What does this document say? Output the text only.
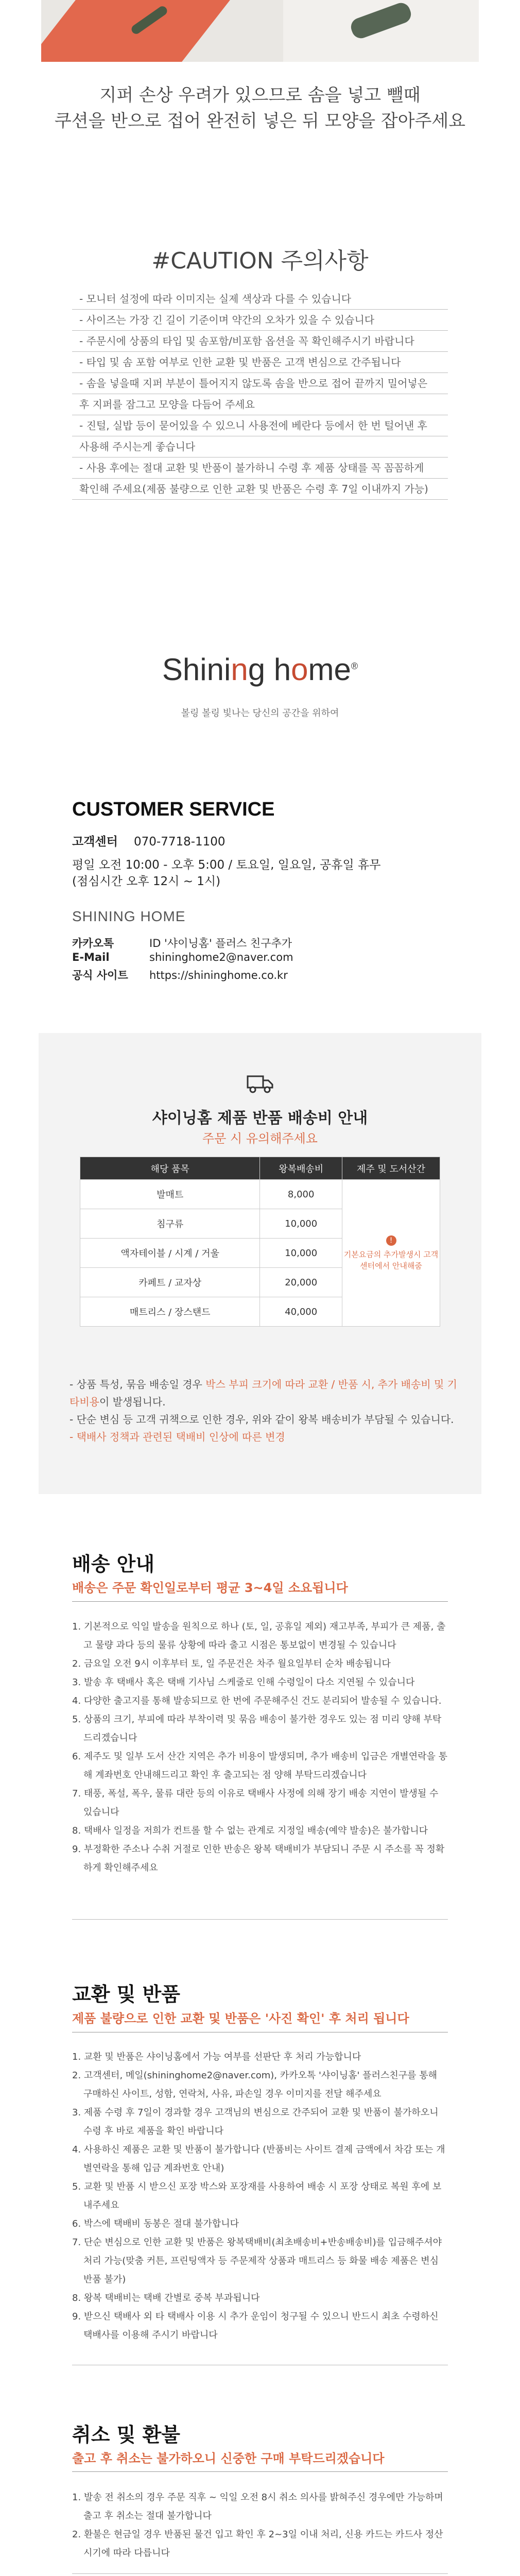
지퍼 손상 우려가 있으므로 솜을 넣고 뺄때
쿠션을 반으로 접어 완전히 넣은 뒤 모양을 잡아주세요
#CAUTION 주의사항
- 모니터 설정에 따라 이미지는 실제 색상과 다를 수 있습니다
- 사이즈는 가장 긴 길이 기준이며 약간의 오차가 있을 수 있습니다
- 주문시에 상품의 타입 및 솜포함/비포함 옵션을 꼭 확인해주시기 바랍니다
- 타입 및 솜 포함 여부로 인한 교환 및 반품은 고객 변심으로 간주됩니다
- 솜을 넣을때 지퍼 부분이 틀어지지 않도록 솜을 반으로 접어 끝까지 밀어넣은
후 지퍼를 잠그고 모양을 다듬어 주세요
- 진털, 실밥 등이 묻어있을 수 있으니 사용전에 베란다 등에서 한 번 털어낸 후
사용해 주시는게 좋습니다
- 사용 후에는 절대 교환 및 반품이 불가하니 수령 후 제품 상태를 꼭 꼼꼼하게
확인해 주세요(제품 불량으로 인한 교환 및 반품은 수령 후 7일 이내까지 가능)
Shining home®
볼링 볼링 빛나는 당신의 공간을 위하여
CUSTOMER SERVICE
고객센터 070-7718-1100
평일 오전 10:00 - 오후 5:00 / 토요일, 일요일, 공휴일 휴무
(점심시간 오후 12시 ~ 1시)
SHINING HOME
카카오톡	ID '샤이닝홈' 플러스 친구추가
E-Mail	shininghome2@naver.com
공식 사이트 https://shininghome.co.kr
샤이닝홈 제품 반품 배송비 안내
주문 시 유의해주세요
해당 품목	왕복배송비	제주 및 도서산간
발매트	8,000	!
기본요금의 추가발생시 고객센터에서 안내해줌
침구류	10,000	
액자테이블 / 시계 / 거울	10,000	
카페트 / 교자상	20,000	
매트리스 / 장스탠드	40,000	
- 상품 특성, 묶음 배송일 경우 박스 부피 크기에 따라 교환 / 반품 시, 추가 배송비 및 기타비용이 발생됩니다.
- 단순 변심 등 고객 귀책으로 인한 경우, 위와 같이 왕복 배송비가 부담될 수 있습니다.
- 택배사 정책과 관련된 택배비 인상에 따른 변경
배송 안내
배송은 주문 확인일로부터 평균 3~4일 소요됩니다
1. 기본적으로 익일 발송을 원칙으로 하나 (토, 일, 공휴일 제외) 재고부족, 부피가 큰 제품, 출고 물량 과다 등의 물류 상황에 따라 출고 시점은 통보없이 변경될 수 있습니다
2. 금요일 오전 9시 이후부터 토, 일 주문건은 차주 월요일부터 순차 배송됩니다
3. 발송 후 택배사 혹은 택배 기사님 스케줄로 인해 수령일이 다소 지연될 수 있습니다
4. 다양한 출고지를 통해 발송되므로 한 번에 주문해주신 건도 분리되어 발송될 수 있습니다.
5. 상품의 크기, 부피에 따라 부착이력 및 묶음 배송이 불가한 경우도 있는 점 미리 양해 부탁드리겠습니다
6. 제주도 및 일부 도서 산간 지역은 추가 비용이 발생되며, 추가 배송비 입금은 개별연락을 통해 계좌번호 안내해드리고 확인 후 출고되는 점 양해 부탁드리겠습니다
7. 태풍, 폭설, 폭우, 물류 대란 등의 이유로 택배사 사정에 의해 장기 배송 지연이 발생될 수 있습니다
8. 택배사 일정을 저희가 컨트롤 할 수 없는 관계로 지정일 배송(예약 발송)은 불가합니다
9. 부정확한 주소나 수취 거절로 인한 반송은 왕복 택배비가 부담되니 주문 시 주소를 꼭 정확하게 확인해주세요
교환 및 반품
제품 불량으로 인한 교환 및 반품은 '사진 확인' 후 처리 됩니다
1. 교환 및 반품은 샤이닝홈에서 가능 여부를 선판단 후 처리 가능합니다
2. 고객센터, 메일(shininghome2@naver.com), 카카오톡 '샤이닝홈' 플러스친구를 통해 구매하신 사이트, 성함, 연락처, 사유, 파손일 경우 이미지를 전달 해주세요
3. 제품 수령 후 7일이 경과할 경우 고객님의 변심으로 간주되어 교환 및 반품이 불가하오니 수령 후 바로 제품을 확인 바랍니다
4. 사용하신 제품은 교환 및 반품이 불가합니다 (반품비는 사이트 결제 금액에서 차감 또는 개별연락을 통해 입금 계좌번호 안내)
5. 교환 및 반품 시 받으신 포장 박스와 포장재를 사용하여 배송 시 포장 상태로 복원 후에 보내주세요
6. 박스에 택배비 동봉은 절대 불가합니다
7. 단순 변심으로 인한 교환 및 반품은 왕복택배비(최초배송비+반송배송비)를 입금해주셔야 처리 가능(맞춤 커튼, 프린팅액자 등 주문제작 상품과 매트리스 등 화물 배송 제품은 변심 반품 불가)
8. 왕복 택배비는 택배 간별로 중복 부과됩니다
9. 받으신 택배사 외 타 택배사 이용 시 추가 운임이 청구될 수 있으니 반드시 최초 수령하신 택배사를 이용해 주시기 바랍니다
취소 및 환불
출고 후 취소는 불가하오니 신중한 구매 부탁드리겠습니다
1. 발송 전 취소의 경우 주문 직후 ~ 익일 오전 8시 취소 의사를 밝혀주신 경우에만 가능하며 출고 후 취소는 절대 불가합니다
2. 환불은 현금일 경우 반품된 물건 입고 확인 후 2~3일 이내 처리, 신용 카드는 카드사 정산 시기에 따라 다릅니다
